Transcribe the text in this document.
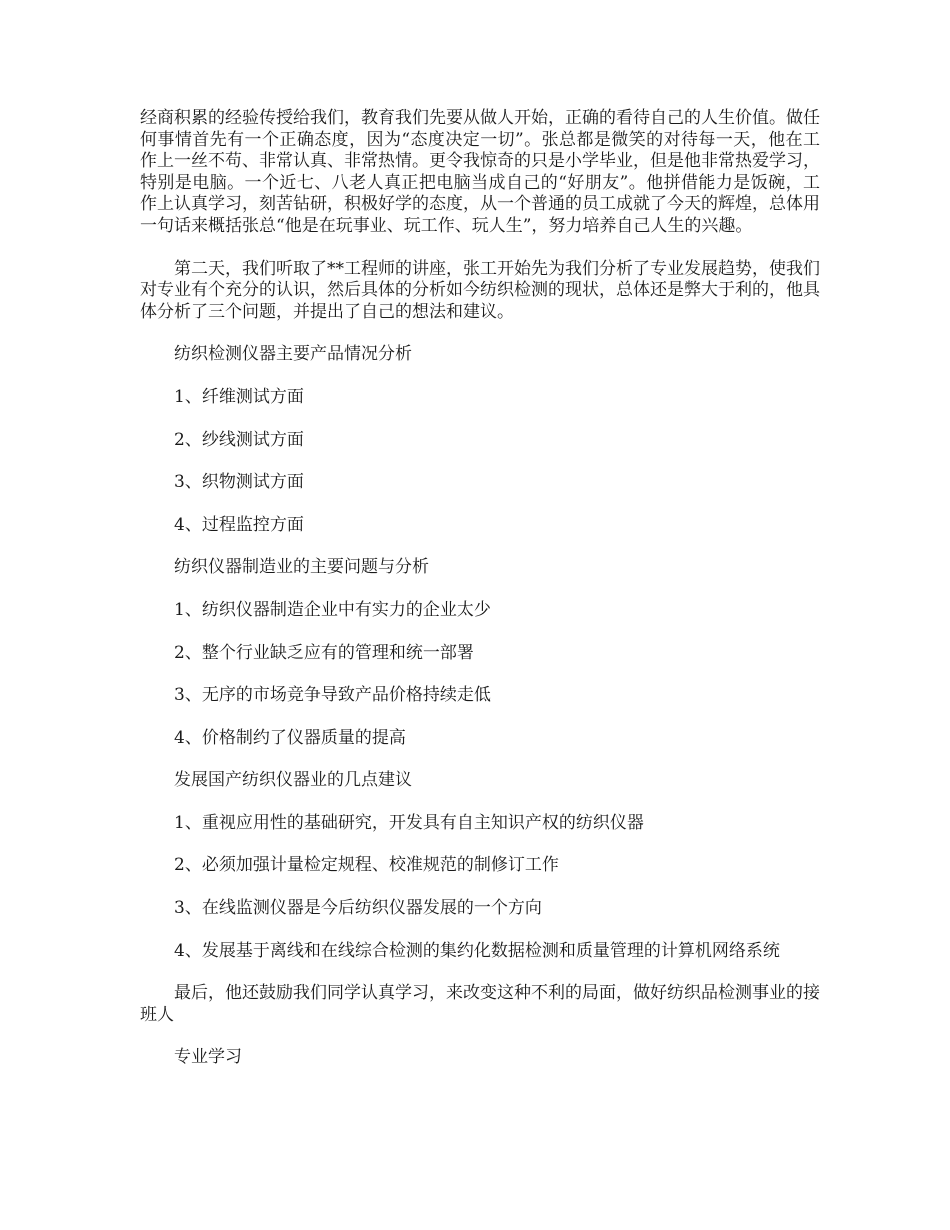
经商积累的经验传授给我们，教育我们先要从做人开始，正确的看待自己的人生价值。做任何事情首先有一个正确态度，因为“态度决定一切”。张总都是微笑的对待每一天，他在工作上一丝不苟、非常认真、非常热情。更令我惊奇的只是小学毕业，但是他非常热爱学习，特别是电脑。一个近七、八老人真正把电脑当成自己的“好朋友”。他拼借能力是饭碗，工作上认真学习，刻苦钻研，积极好学的态度，从一个普通的员工成就了今天的辉煌，总体用一句话来概括张总“他是在玩事业、玩工作、玩人生”，努力培养自己人生的兴趣。

第二天，我们听取了**工程师的讲座，张工开始先为我们分析了专业发展趋势，使我们对专业有个充分的认识，然后具体的分析如今纺织检测的现状，总体还是弊大于利的，他具体分析了三个问题，并提出了自己的想法和建议。

纺织检测仪器主要产品情况分析

1、纤维测试方面

2、纱线测试方面

3、织物测试方面

4、过程监控方面

纺织仪器制造业的主要问题与分析

1、纺织仪器制造企业中有实力的企业太少

2、整个行业缺乏应有的管理和统一部署

3、无序的市场竞争导致产品价格持续走低

4、价格制约了仪器质量的提高

发展国产纺织仪器业的几点建议

1、重视应用性的基础研究，开发具有自主知识产权的纺织仪器

2、必须加强计量检定规程、校准规范的制修订工作

3、在线监测仪器是今后纺织仪器发展的一个方向

4、发展基于离线和在线综合检测的集约化数据检测和质量管理的计算机网络系统

最后，他还鼓励我们同学认真学习，来改变这种不利的局面，做好纺织品检测事业的接班人

专业学习
